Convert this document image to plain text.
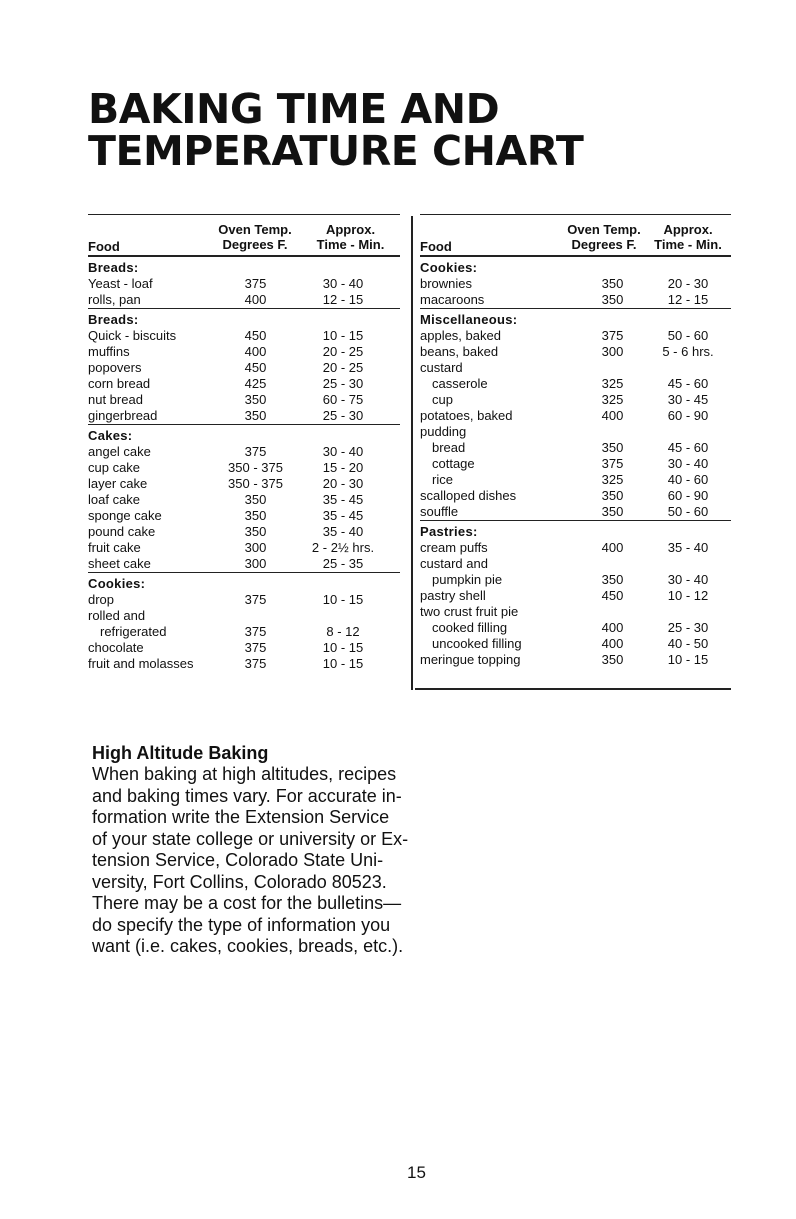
BAKING TIME AND
TEMPERATURE CHART
Food
Oven Temp.
Degrees F.
Approx.
Time - Min.
Breads:
Yeast - loaf	375	30 - 40
rolls, pan	400	12 - 15
Breads:
Quick - biscuits	450	10 - 15
muffins	400	20 - 25
popovers	450	20 - 25
corn bread	425	25 - 30
nut bread	350	60 - 75
gingerbread	350	25 - 30
Cakes:
angel cake	375	30 - 40
cup cake	350 - 375	15 - 20
layer cake	350 - 375	20 - 30
loaf cake	350	35 - 45
sponge cake	350	35 - 45
pound cake	350	35 - 40
fruit cake	300	2 - 2½ hrs.
sheet cake	300	25 - 35
Cookies:
drop	375	10 - 15
rolled and
refrigerated	375	8 - 12
chocolate	375	10 - 15
fruit and molasses	375	10 - 15
Food
Oven Temp.
Degrees F.
Approx.
Time - Min.
Cookies:
brownies	350	20 - 30
macaroons	350	12 - 15
Miscellaneous:
apples, baked	375	50 - 60
beans, baked	300	5 - 6 hrs.
custard
casserole	325	45 - 60
cup	325	30 - 45
potatoes, baked	400	60 - 90
pudding
bread	350	45 - 60
cottage	375	30 - 40
rice	325	40 - 60
scalloped dishes	350	60 - 90
souffle	350	50 - 60
Pastries:
cream puffs	400	35 - 40
custard and
pumpkin pie	350	30 - 40
pastry shell	450	10 - 12
two crust fruit pie
cooked filling	400	25 - 30
uncooked filling	400	40 - 50
meringue topping	350	10 - 15
High Altitude Baking
When baking at high altitudes, recipes
and baking times vary. For accurate in-
formation write the Extension Service
of your state college or university or Ex-
tension Service, Colorado State Uni-
versity, Fort Collins, Colorado 80523.
There may be a cost for the bulletins—
do specify the type of information you
want (i.e. cakes, cookies, breads, etc.).
15
